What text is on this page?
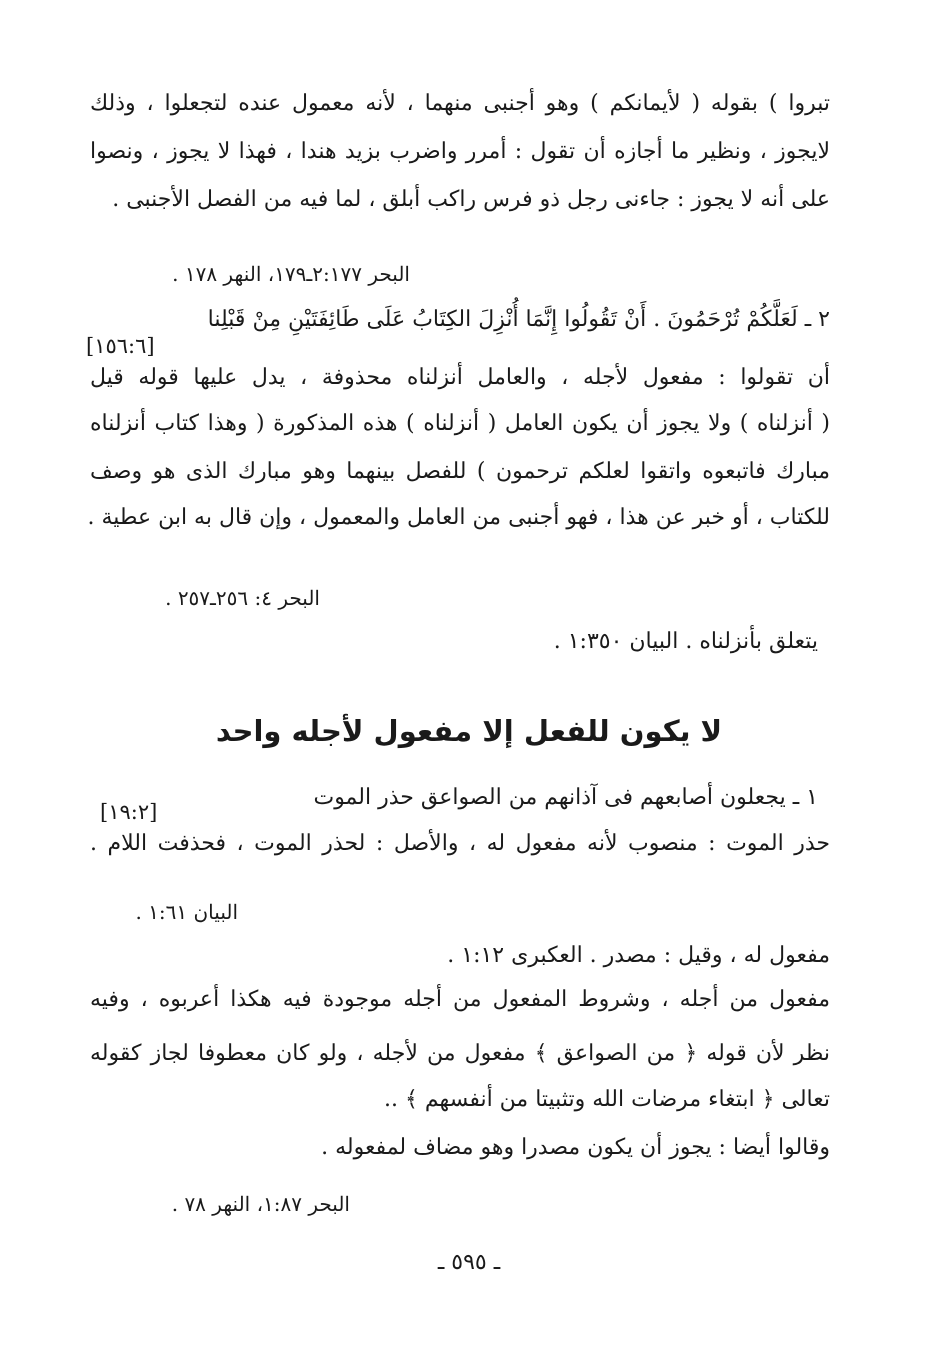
تبروا ) بقوله ( لأيمانكم ) وهو أجنبى منهما ، لأنه معمول عنده لتجعلوا ، وذلك
لايجوز ، ونظير ما أجازه أن تقول : أمرر واضرب بزيد هندا ، فهذا لا يجوز ، ونصوا
على أنه لا يجوز : جاءنى رجل ذو فرس راكب أبلق ، لما فيه من الفصل الأجنبى .
البحر ٢:١٧٧ـ١٧٩، النهر ١٧٨ .
٢ ـ لَعَلَّكُمْ تُرْحَمُونَ . أَنْ تَقُولُوا إِنَّمَا أُنْزِلَ الكِتَابُ عَلَى طَائِفَتَيْنِ مِنْ قَبْلِنا
[١٥٦:٦]
أن تقولوا : مفعول لأجله ، والعامل أنزلناه محذوفة ، يدل عليها قوله قيل
( أنزلناه ) ولا يجوز أن يكون العامل ( أنزلناه ) هذه المذكورة ( وهذا كتاب أنزلناه
مبارك فاتبعوه واتقوا لعلكم ترحمون ) للفصل بينهما وهو مبارك الذى هو وصف
للكتاب ، أو خبر عن هذا ، فهو أجنبى من العامل والمعمول ، وإن قال به ابن عطية .
البحر ٤: ٢٥٦ـ٢٥٧ .
يتعلق بأنزلناه . البيان ١:٣٥٠ .
لا يكون للفعل إلا مفعول لأجله واحد
١ ـ يجعلون أصابعهم فى آذانهم من الصواعق حذر الموت
[١٩:٢]
حذر الموت : منصوب لأنه مفعول له ، والأصل : لحذر الموت ، فحذفت اللام .
البيان ١:٦١ .
مفعول له ، وقيل : مصدر . العكبرى ١:١٢ .
مفعول من أجله ، وشروط المفعول من أجله موجودة فيه هكذا أعربوه ، وفيه
نظر لأن قوله ﴿ من الصواعق ﴾ مفعول من لأجله ، ولو كان معطوفا لجاز كقوله
تعالى ﴿ ابتغاء مرضات الله وتثبيتا من أنفسهم ﴾ ..
وقالوا أيضا : يجوز أن يكون مصدرا وهو مضاف لمفعوله .
البحر ١:٨٧، النهر ٧٨ .
ـ ٥٩٥ ـ
